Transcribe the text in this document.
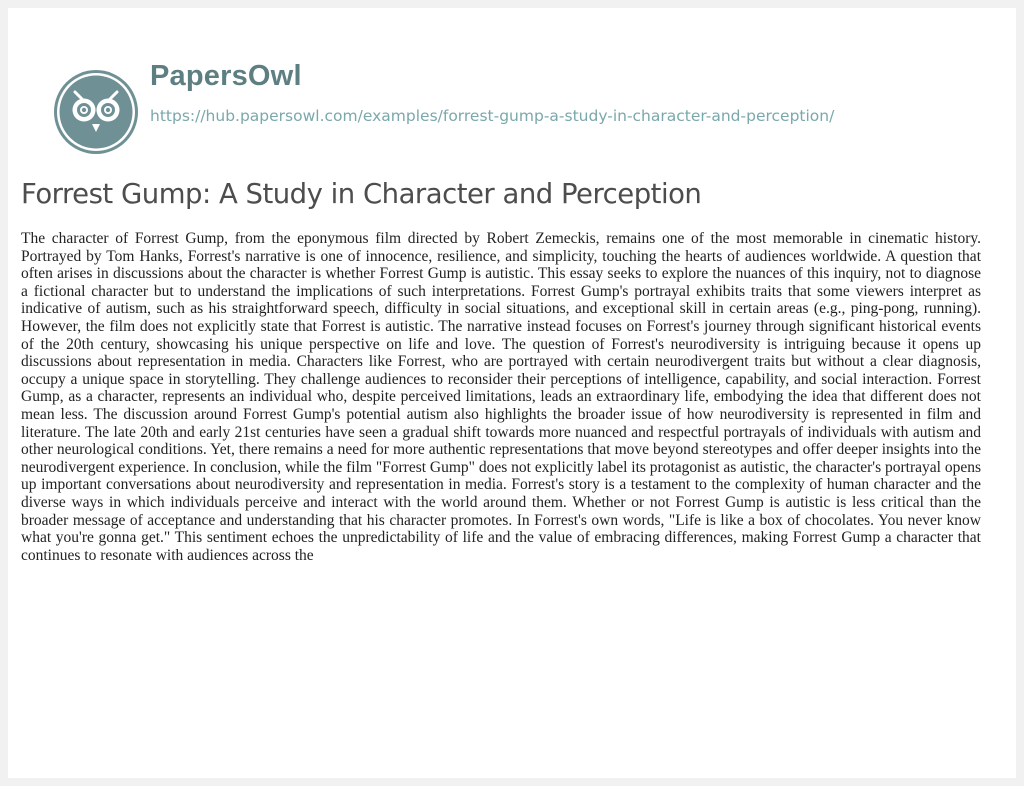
PapersOwl
https://hub.papersowl.com/examples/forrest-gump-a-study-in-character-and-perception/
Forrest Gump: A Study in Character and Perception

The character of Forrest Gump, from the eponymous film directed by Robert Zemeckis, remains one of the most memorable in cinematic history. Portrayed by Tom Hanks, Forrest's narrative is one of innocence, resilience, and simplicity, touching the hearts of audiences worldwide. A question that often arises in discussions about the character is whether Forrest Gump is autistic. This essay seeks to explore the nuances of this inquiry, not to diagnose a fictional character but to understand the implications of such interpretations. Forrest Gump's portrayal exhibits traits that some viewers interpret as indicative of autism, such as his straightforward speech, difficulty in social situations, and exceptional skill in certain areas (e.g., ping-pong, running). However, the film does not explicitly state that Forrest is autistic. The narrative instead focuses on Forrest's journey through significant historical events of the 20th century, showcasing his unique perspective on life and love. The question of Forrest's neurodiversity is intriguing because it opens up discussions about representation in media. Characters like Forrest, who are portrayed with certain neurodivergent traits but without a clear diagnosis, occupy a unique space in storytelling. They challenge audiences to reconsider their perceptions of intelligence, capability, and social interaction. Forrest Gump, as a character, represents an individual who, despite perceived limitations, leads an extraordinary life, embodying the idea that different does not mean less. The discussion around Forrest Gump's potential autism also highlights the broader issue of how neurodiversity is represented in film and literature. The late 20th and early 21st centuries have seen a gradual shift towards more nuanced and respectful portrayals of individuals with autism and other neurological conditions. Yet, there remains a need for more authentic representations that move beyond stereotypes and offer deeper insights into the neurodivergent experience. In conclusion, while the film "Forrest Gump" does not explicitly label its protagonist as autistic, the character's portrayal opens up important conversations about neurodiversity and representation in media. Forrest's story is a testament to the complexity of human character and the diverse ways in which individuals perceive and interact with the world around them. Whether or not Forrest Gump is autistic is less critical than the broader message of acceptance and understanding that his character promotes. In Forrest's own words, "Life is like a box of chocolates. You never know what you're gonna get." This sentiment echoes the unpredictability of life and the value of embracing differences, making Forrest Gump a character that continues to resonate with audiences across the
